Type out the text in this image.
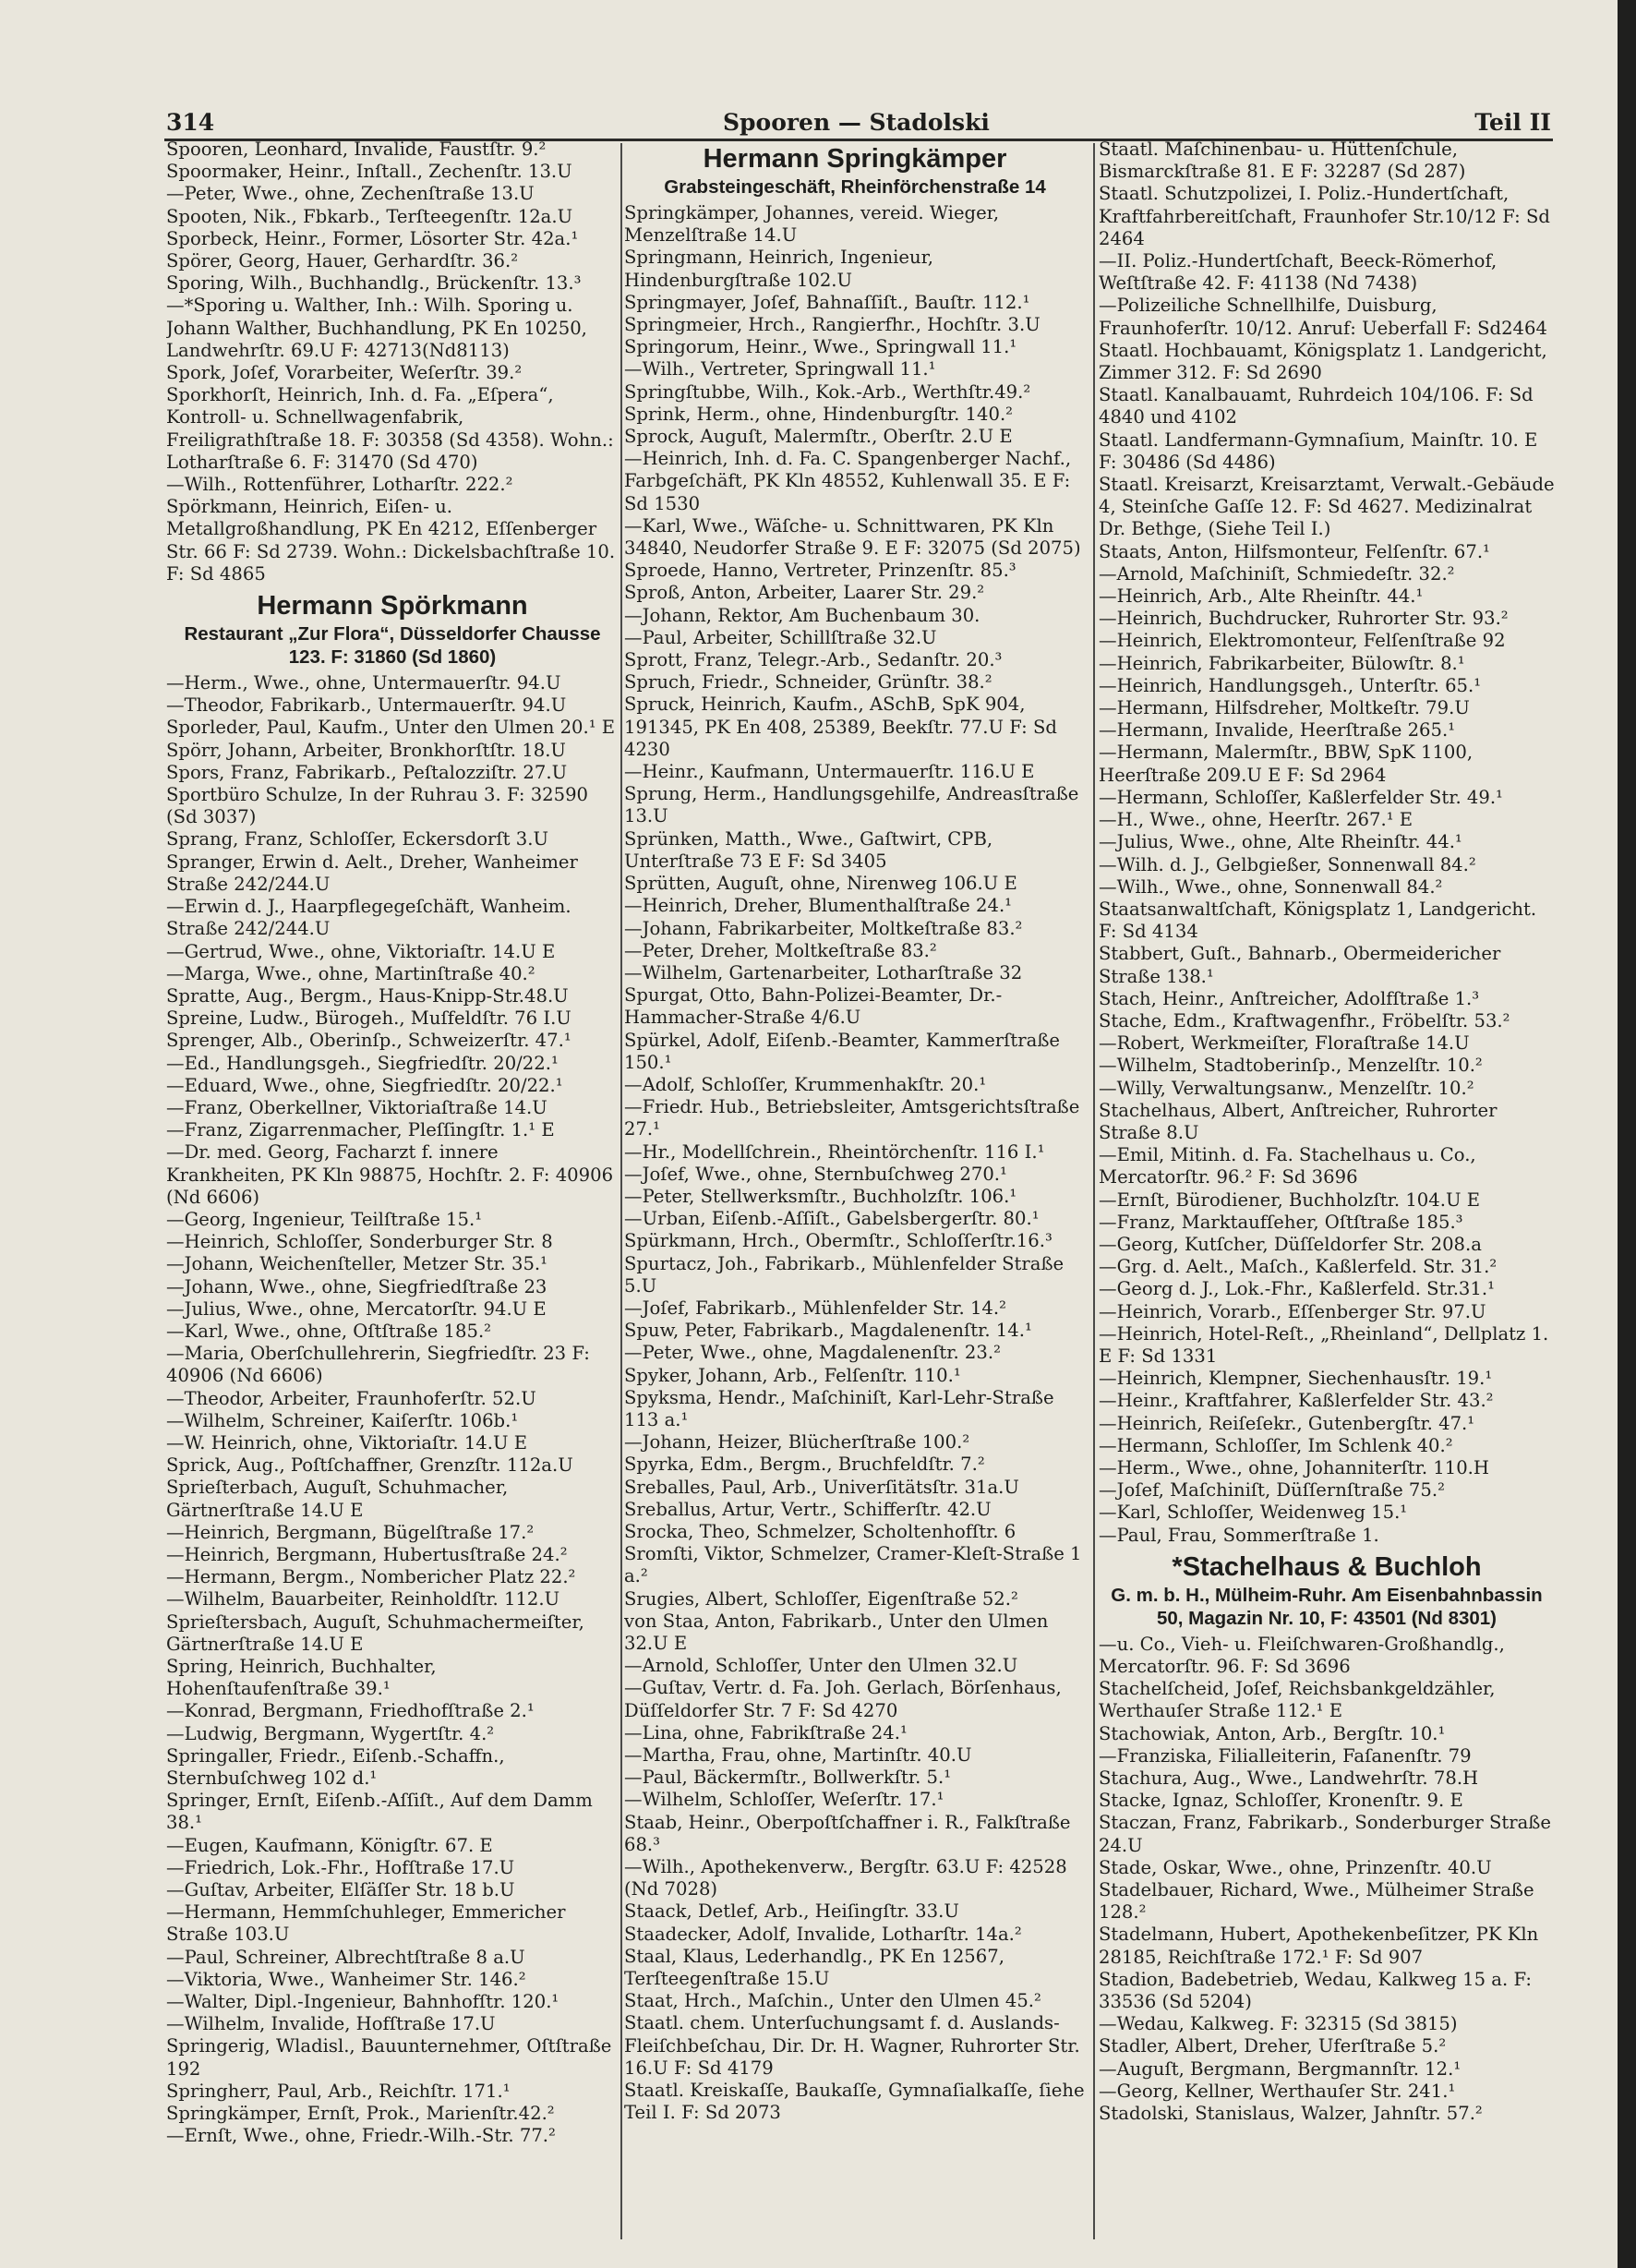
314	Spooren — Stadolski	Teil II
Spooren, Leonhard, Invalide, Faustſtr. 9.²
Spoormaker, Heinr., Inſtall., Zechenſtr. 13.U
—Peter, Wwe., ohne, Zechenſtraße 13.U
Spooten, Nik., Fbkarb., Terſteegenſtr. 12a.U
Sporbeck, Heinr., Former, Lösorter Str. 42a.¹
Spörer, Georg, Hauer, Gerhardſtr. 36.²
Sporing, Wilh., Buchhandlg., Brückenſtr. 13.³
—*Sporing u. Walther, Inh.: Wilh. Sporing u. Johann Walther, Buchhandlung, PK En 10250, Landwehrſtr. 69.U F: 42713(Nd8113)
Spork, Joſef, Vorarbeiter, Weſerſtr. 39.²
Sporkhorſt, Heinrich, Inh. d. Fa. „Eſpera“, Kontroll- u. Schnellwagenfabrik, Freiligrathſtraße 18. F: 30358 (Sd 4358). Wohn.: Lotharſtraße 6. F: 31470 (Sd 470)
—Wilh., Rottenführer, Lotharſtr. 222.²
Spörkmann, Heinrich, Eiſen- u. Metallgroßhandlung, PK En 4212, Eſſenberger Str. 66 F: Sd 2739. Wohn.: Dickelsbachſtraße 10. F: Sd 4865
Hermann Spörkmann
Restaurant „Zur Flora“, Düsseldorfer Chausse 123. F: 31860 (Sd 1860)
—Herm., Wwe., ohne, Untermauerſtr. 94.U
—Theodor, Fabrikarb., Untermauerſtr. 94.U
Sporleder, Paul, Kaufm., Unter den Ulmen 20.¹ E
Spörr, Johann, Arbeiter, Bronkhorſtſtr. 18.U
Spors, Franz, Fabrikarb., Peſtalozziſtr. 27.U
Sportbüro Schulze, In der Ruhrau 3. F: 32590 (Sd 3037)
Sprang, Franz, Schloſſer, Eckersdorſt 3.U
Spranger, Erwin d. Aelt., Dreher, Wanheimer Straße 242/244.U
—Erwin d. J., Haarpflegegeſchäft, Wanheim. Straße 242/244.U
—Gertrud, Wwe., ohne, Viktoriaſtr. 14.U E
—Marga, Wwe., ohne, Martinſtraße 40.²
Spratte, Aug., Bergm., Haus-Knipp-Str.48.U
Spreine, Ludw., Bürogeh., Muſfeldſtr. 76 I.U
Sprenger, Alb., Oberinſp., Schweizerſtr. 47.¹
—Ed., Handlungsgeh., Siegfriedſtr. 20/22.¹
—Eduard, Wwe., ohne, Siegfriedſtr. 20/22.¹
—Franz, Oberkellner, Viktoriaſtraße 14.U
—Franz, Zigarrenmacher, Pleſſingſtr. 1.¹ E
—Dr. med. Georg, Facharzt f. innere Krankheiten, PK Kln 98875, Hochſtr. 2. F: 40906 (Nd 6606)
—Georg, Ingenieur, Teilſtraße 15.¹
—Heinrich, Schloſſer, Sonderburger Str. 8
—Johann, Weichenſteller, Metzer Str. 35.¹
—Johann, Wwe., ohne, Siegfriedſtraße 23
—Julius, Wwe., ohne, Mercatorſtr. 94.U E
—Karl, Wwe., ohne, Oſtſtraße 185.²
—Maria, Oberſchullehrerin, Siegfriedſtr. 23 F: 40906 (Nd 6606)
—Theodor, Arbeiter, Fraunhoferſtr. 52.U
—Wilhelm, Schreiner, Kaiſerſtr. 106b.¹
—W. Heinrich, ohne, Viktoriaſtr. 14.U E
Sprick, Aug., Poſtſchaffner, Grenzſtr. 112a.U
Sprieſterbach, Auguſt, Schuhmacher, Gärtnerſtraße 14.U E
—Heinrich, Bergmann, Bügelſtraße 17.²
—Heinrich, Bergmann, Hubertusſtraße 24.²
—Hermann, Bergm., Nombericher Platz 22.²
—Wilhelm, Bauarbeiter, Reinholdſtr. 112.U
Sprieſtersbach, Auguſt, Schuhmachermeiſter, Gärtnerſtraße 14.U E
Spring, Heinrich, Buchhalter, Hohenſtaufenſtraße 39.¹
—Konrad, Bergmann, Friedhofſtraße 2.¹
—Ludwig, Bergmann, Wygertſtr. 4.²
Springaller, Friedr., Eiſenb.-Schaffn., Sternbuſchweg 102 d.¹
Springer, Ernſt, Eiſenb.-Aſſiſt., Auf dem Damm 38.¹
—Eugen, Kaufmann, Königſtr. 67. E
—Friedrich, Lok.-Fhr., Hofſtraße 17.U
—Guſtav, Arbeiter, Elſäſſer Str. 18 b.U
—Hermann, Hemmſchuhleger, Emmericher Straße 103.U
—Paul, Schreiner, Albrechtſtraße 8 a.U
—Viktoria, Wwe., Wanheimer Str. 146.²
—Walter, Dipl.-Ingenieur, Bahnhofſtr. 120.¹
—Wilhelm, Invalide, Hofſtraße 17.U
Springerig, Wladisl., Bauunternehmer, Oſtſtraße 192
Springherr, Paul, Arb., Reichſtr. 171.¹
Springkämper, Ernſt, Prok., Marienſtr.42.²
—Ernſt, Wwe., ohne, Friedr.-Wilh.-Str. 77.²
Hermann Springkämper
Grabsteingeschäft, Rheinförchenstraße 14
Springkämper, Johannes, vereid. Wieger, Menzelſtraße 14.U
Springmann, Heinrich, Ingenieur, Hindenburgſtraße 102.U
Springmayer, Joſef, Bahnaſſiſt., Bauſtr. 112.¹
Springmeier, Hrch., Rangierfhr., Hochſtr. 3.U
Springorum, Heinr., Wwe., Springwall 11.¹
—Wilh., Vertreter, Springwall 11.¹
Springſtubbe, Wilh., Kok.-Arb., Werthſtr.49.²
Sprink, Herm., ohne, Hindenburgſtr. 140.²
Sprock, Auguſt, Malermſtr., Oberſtr. 2.U E
—Heinrich, Inh. d. Fa. C. Spangenberger Nachf., Farbgeſchäft, PK Kln 48552, Kuhlenwall 35. E F: Sd 1530
—Karl, Wwe., Wäſche- u. Schnittwaren, PK Kln 34840, Neudorfer Straße 9. E F: 32075 (Sd 2075)
Sproede, Hanno, Vertreter, Prinzenſtr. 85.³
Sproß, Anton, Arbeiter, Laarer Str. 29.²
—Johann, Rektor, Am Buchenbaum 30.
—Paul, Arbeiter, Schillſtraße 32.U
Sprott, Franz, Telegr.-Arb., Sedanſtr. 20.³
Spruch, Friedr., Schneider, Grünſtr. 38.²
Spruck, Heinrich, Kaufm., ASchB, SpK 904, 191345, PK En 408, 25389, Beekſtr. 77.U F: Sd 4230
—Heinr., Kaufmann, Untermauerſtr. 116.U E
Sprung, Herm., Handlungsgehilfe, Andreasſtraße 13.U
Sprünken, Matth., Wwe., Gaſtwirt, CPB, Unterſtraße 73 E F: Sd 3405
Sprütten, Auguſt, ohne, Nirenweg 106.U E
—Heinrich, Dreher, Blumenthalſtraße 24.¹
—Johann, Fabrikarbeiter, Moltkeſtraße 83.²
—Peter, Dreher, Moltkeſtraße 83.²
—Wilhelm, Gartenarbeiter, Lotharſtraße 32
Spurgat, Otto, Bahn-Polizei-Beamter, Dr.-Hammacher-Straße 4/6.U
Spürkel, Adolf, Eiſenb.-Beamter, Kammerſtraße 150.¹
—Adolf, Schloſſer, Krummenhakſtr. 20.¹
—Friedr. Hub., Betriebsleiter, Amtsgerichtsſtraße 27.¹
—Hr., Modellſchrein., Rheintörchenſtr. 116 I.¹
—Joſef, Wwe., ohne, Sternbuſchweg 270.¹
—Peter, Stellwerksmſtr., Buchholzſtr. 106.¹
—Urban, Eiſenb.-Aſſiſt., Gabelsbergerſtr. 80.¹
Spürkmann, Hrch., Obermſtr., Schloſſerſtr.16.³
Spurtacz, Joh., Fabrikarb., Mühlenfelder Straße 5.U
—Joſef, Fabrikarb., Mühlenfelder Str. 14.²
Spuw, Peter, Fabrikarb., Magdalenenſtr. 14.¹
—Peter, Wwe., ohne, Magdalenenſtr. 23.²
Spyker, Johann, Arb., Felſenſtr. 110.¹
Spyksma, Hendr., Maſchiniſt, Karl-Lehr-Straße 113 a.¹
—Johann, Heizer, Blücherſtraße 100.²
Spyrka, Edm., Bergm., Bruchfeldſtr. 7.²
Sreballes, Paul, Arb., Univerſitätsſtr. 31a.U
Sreballus, Artur, Vertr., Schifferſtr. 42.U
Srocka, Theo, Schmelzer, Scholtenhofſtr. 6
Sromſti, Viktor, Schmelzer, Cramer-Kleſt-Straße 1 a.²
Srugies, Albert, Schloſſer, Eigenſtraße 52.²
von Staa, Anton, Fabrikarb., Unter den Ulmen 32.U E
—Arnold, Schloſſer, Unter den Ulmen 32.U
—Guſtav, Vertr. d. Fa. Joh. Gerlach, Börſenhaus, Düſſeldorfer Str. 7 F: Sd 4270
—Lina, ohne, Fabrikſtraße 24.¹
—Martha, Frau, ohne, Martinſtr. 40.U
—Paul, Bäckermſtr., Bollwerkſtr. 5.¹
—Wilhelm, Schloſſer, Weſerſtr. 17.¹
Staab, Heinr., Oberpoſtſchaffner i. R., Falkſtraße 68.³
—Wilh., Apothekenverw., Bergſtr. 63.U F: 42528 (Nd 7028)
Staack, Detlef, Arb., Heiſingſtr. 33.U
Staadecker, Adolf, Invalide, Lotharſtr. 14a.²
Staal, Klaus, Lederhandlg., PK En 12567, Terſteegenſtraße 15.U
Staat, Hrch., Maſchin., Unter den Ulmen 45.²
Staatl. chem. Unterſuchungsamt f. d. Auslands-Fleiſchbeſchau, Dir. Dr. H. Wagner, Ruhrorter Str. 16.U F: Sd 4179
Staatl. Kreiskaſſe, Baukaſſe, Gymnaſialkaſſe, ſiehe Teil I. F: Sd 2073
Staatl. Maſchinenbau- u. Hüttenſchule, Bismarckſtraße 81. E F: 32287 (Sd 287)
Staatl. Schutzpolizei, I. Poliz.-Hundertſchaft, Kraftfahrbereitſchaft, Fraunhofer Str.10/12 F: Sd 2464
—II. Poliz.-Hundertſchaft, Beeck-Römerhof, Weſtſtraße 42. F: 41138 (Nd 7438)
—Polizeiliche Schnellhilfe, Duisburg, Fraunhoferſtr. 10/12. Anruf: Ueberfall F: Sd2464
Staatl. Hochbauamt, Königsplatz 1. Landgericht, Zimmer 312. F: Sd 2690
Staatl. Kanalbauamt, Ruhrdeich 104/106. F: Sd 4840 und 4102
Staatl. Landfermann-Gymnaſium, Mainſtr. 10. E F: 30486 (Sd 4486)
Staatl. Kreisarzt, Kreisarztamt, Verwalt.-Gebäude 4, Steinſche Gaſſe 12. F: Sd 4627. Medizinalrat Dr. Bethge, (Siehe Teil I.)
Staats, Anton, Hilfsmonteur, Felſenſtr. 67.¹
—Arnold, Maſchiniſt, Schmiedeſtr. 32.²
—Heinrich, Arb., Alte Rheinſtr. 44.¹
—Heinrich, Buchdrucker, Ruhrorter Str. 93.²
—Heinrich, Elektromonteur, Felſenſtraße 92
—Heinrich, Fabrikarbeiter, Bülowſtr. 8.¹
—Heinrich, Handlungsgeh., Unterſtr. 65.¹
—Hermann, Hilfsdreher, Moltkeſtr. 79.U
—Hermann, Invalide, Heerſtraße 265.¹
—Hermann, Malermſtr., BBW, SpK 1100, Heerſtraße 209.U E F: Sd 2964
—Hermann, Schloſſer, Kaßlerfelder Str. 49.¹
—H., Wwe., ohne, Heerſtr. 267.¹ E
—Julius, Wwe., ohne, Alte Rheinſtr. 44.¹
—Wilh. d. J., Gelbgießer, Sonnenwall 84.²
—Wilh., Wwe., ohne, Sonnenwall 84.²
Staatsanwaltſchaft, Königsplatz 1, Landgericht. F: Sd 4134
Stabbert, Guſt., Bahnarb., Obermeidericher Straße 138.¹
Stach, Heinr., Anſtreicher, Adolfſtraße 1.³
Stache, Edm., Kraftwagenfhr., Fröbelſtr. 53.²
—Robert, Werkmeiſter, Floraſtraße 14.U
—Wilhelm, Stadtoberinſp., Menzelſtr. 10.²
—Willy, Verwaltungsanw., Menzelſtr. 10.²
Stachelhaus, Albert, Anſtreicher, Ruhrorter Straße 8.U
—Emil, Mitinh. d. Fa. Stachelhaus u. Co., Mercatorſtr. 96.² F: Sd 3696
—Ernſt, Bürodiener, Buchholzſtr. 104.U E
—Franz, Marktaufſeher, Oſtſtraße 185.³
—Georg, Kutſcher, Düſſeldorfer Str. 208.a
—Grg. d. Aelt., Maſch., Kaßlerfeld. Str. 31.²
—Georg d. J., Lok.-Fhr., Kaßlerfeld. Str.31.¹
—Heinrich, Vorarb., Eſſenberger Str. 97.U
—Heinrich, Hotel-Reſt., „Rheinland“, Dellplatz 1. E F: Sd 1331
—Heinrich, Klempner, Siechenhausſtr. 19.¹
—Heinr., Kraftfahrer, Kaßlerfelder Str. 43.²
—Heinrich, Reiſeſekr., Gutenbergſtr. 47.¹
—Hermann, Schloſſer, Im Schlenk 40.²
—Herm., Wwe., ohne, Johanniterſtr. 110.H
—Joſef, Maſchiniſt, Düſſernſtraße 75.²
—Karl, Schloſſer, Weidenweg 15.¹
—Paul, Frau, Sommerſtraße 1.
*Stachelhaus & Buchloh
G. m. b. H., Mülheim-Ruhr. Am Eisenbahnbassin 50, Magazin Nr. 10, F: 43501 (Nd 8301)
—u. Co., Vieh- u. Fleiſchwaren-Großhandlg., Mercatorſtr. 96. F: Sd 3696
Stachelſcheid, Joſef, Reichsbankgeldzähler, Werthauſer Straße 112.¹ E
Stachowiak, Anton, Arb., Bergſtr. 10.¹
—Franziska, Filialleiterin, Faſanenſtr. 79
Stachura, Aug., Wwe., Landwehrſtr. 78.H
Stacke, Ignaz, Schloſſer, Kronenſtr. 9. E
Staczan, Franz, Fabrikarb., Sonderburger Straße 24.U
Stade, Oskar, Wwe., ohne, Prinzenſtr. 40.U
Stadelbauer, Richard, Wwe., Mülheimer Straße 128.²
Stadelmann, Hubert, Apothekenbeſitzer, PK Kln 28185, Reichſtraße 172.¹ F: Sd 907
Stadion, Badebetrieb, Wedau, Kalkweg 15 a. F: 33536 (Sd 5204)
—Wedau, Kalkweg. F: 32315 (Sd 3815)
Stadler, Albert, Dreher, Uferſtraße 5.²
—Auguſt, Bergmann, Bergmannſtr. 12.¹
—Georg, Kellner, Werthauſer Str. 241.¹
Stadolski, Stanislaus, Walzer, Jahnſtr. 57.²
